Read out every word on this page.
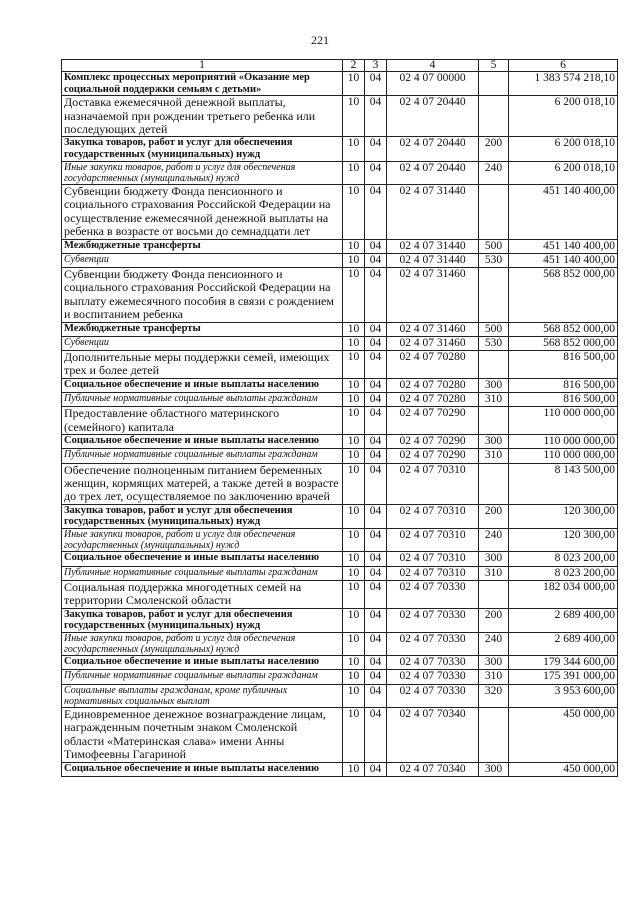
221
1	2	3	4	5	6
Комплекс процессных мероприятий «Оказание мер социальной поддержки семьям с детьми»	10	04	02 4 07 00000		1 383 574 218,10
Доставка ежемесячной денежной выплаты, назначаемой при рождении третьего ребенка или последующих детей	10	04	02 4 07 20440		6 200 018,10
Закупка товаров, работ и услуг для обеспечения государственных (муниципальных) нужд	10	04	02 4 07 20440	200	6 200 018,10
Иные закупки товаров, работ и услуг для обеспечения государственных (муниципальных) нужд	10	04	02 4 07 20440	240	6 200 018,10
Субвенции бюджету Фонда пенсионного и социального страхования Российской Федерации на осуществление ежемесячной денежной выплаты на ребенка в возрасте от восьми до семнадцати лет	10	04	02 4 07 31440		451 140 400,00
Межбюджетные трансферты	10	04	02 4 07 31440	500	451 140 400,00
Субвенции	10	04	02 4 07 31440	530	451 140 400,00
Субвенции бюджету Фонда пенсионного и социального страхования Российской Федерации на выплату ежемесячного пособия в связи с рождением и воспитанием ребенка	10	04	02 4 07 31460		568 852 000,00
Межбюджетные трансферты	10	04	02 4 07 31460	500	568 852 000,00
Субвенции	10	04	02 4 07 31460	530	568 852 000,00
Дополнительные меры поддержки семей, имеющих трех и более детей	10	04	02 4 07 70280		816 500,00
Социальное обеспечение и иные выплаты населению	10	04	02 4 07 70280	300	816 500,00
Публичные нормативные социальные выплаты гражданам	10	04	02 4 07 70280	310	816 500,00
Предоставление областного материнского (семейного) капитала	10	04	02 4 07 70290		110 000 000,00
Социальное обеспечение и иные выплаты населению	10	04	02 4 07 70290	300	110 000 000,00
Публичные нормативные социальные выплаты гражданам	10	04	02 4 07 70290	310	110 000 000,00
Обеспечение полноценным питанием беременных женщин, кормящих матерей, а также детей в возрасте до трех лет, осуществляемое по заключению врачей	10	04	02 4 07 70310		8 143 500,00
Закупка товаров, работ и услуг для обеспечения государственных (муниципальных) нужд	10	04	02 4 07 70310	200	120 300,00
Иные закупки товаров, работ и услуг для обеспечения государственных (муниципальных) нужд	10	04	02 4 07 70310	240	120 300,00
Социальное обеспечение и иные выплаты населению	10	04	02 4 07 70310	300	8 023 200,00
Публичные нормативные социальные выплаты гражданам	10	04	02 4 07 70310	310	8 023 200,00
Социальная поддержка многодетных семей на территории Смоленской области	10	04	02 4 07 70330		182 034 000,00
Закупка товаров, работ и услуг для обеспечения государственных (муниципальных) нужд	10	04	02 4 07 70330	200	2 689 400,00
Иные закупки товаров, работ и услуг для обеспечения государственных (муниципальных) нужд	10	04	02 4 07 70330	240	2 689 400,00
Социальное обеспечение и иные выплаты населению	10	04	02 4 07 70330	300	179 344 600,00
Публичные нормативные социальные выплаты гражданам	10	04	02 4 07 70330	310	175 391 000,00
Социальные выплаты гражданам, кроме публичных нормативных социальных выплат	10	04	02 4 07 70330	320	3 953 600,00
Единовременное денежное вознаграждение лицам, награжденным почетным знаком Смоленской области «Материнская слава» имени Анны Тимофеевны Гагариной	10	04	02 4 07 70340		450 000,00
Социальное обеспечение и иные выплаты населению	10	04	02 4 07 70340	300	450 000,00
